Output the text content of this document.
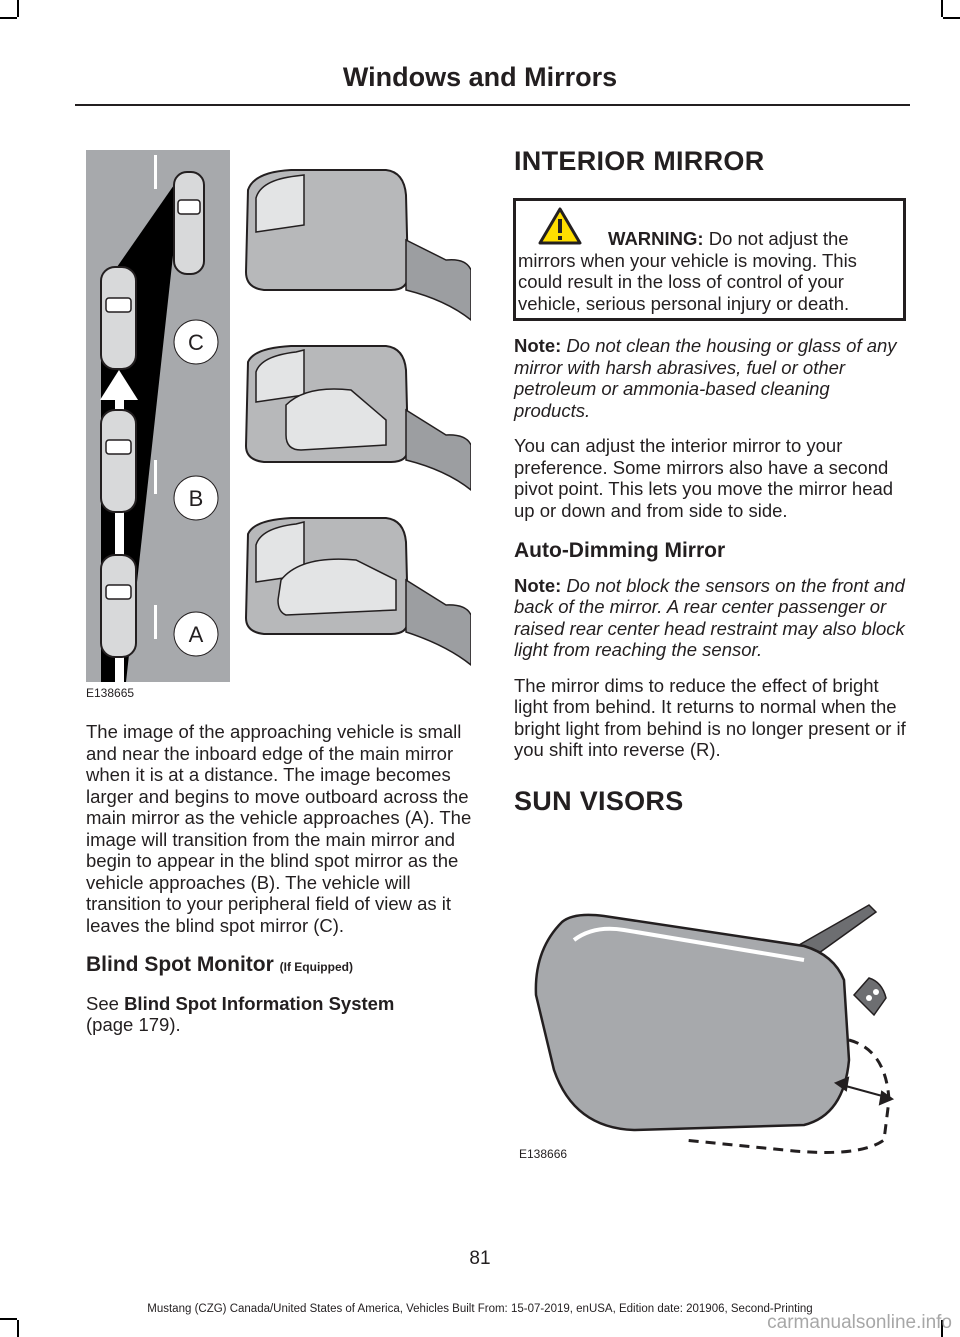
Windows and Mirrors
C
B
A
E138665

The image of the approaching vehicle is small and near the inboard edge of the main mirror when it is at a distance. The image becomes larger and begins to move outboard across the main mirror as the vehicle approaches (A). The image will transition from the main mirror and begin to appear in the blind spot mirror as the vehicle approaches (B). The vehicle will transition to your peripheral field of view as it leaves the blind spot mirror (C).

Blind Spot Monitor (If Equipped)

See Blind Spot Information System
(page 179).

INTERIOR MIRROR

WARNING: Do not adjust the mirrors when your vehicle is moving. This could result in the loss of control of your vehicle, serious personal injury or death.

Note: Do not clean the housing or glass of any mirror with harsh abrasives, fuel or other petroleum or ammonia-based cleaning products.

You can adjust the interior mirror to your preference. Some mirrors also have a second pivot point. This lets you move the mirror head up or down and from side to side.

Auto-Dimming Mirror

Note: Do not block the sensors on the front and back of the mirror. A rear center passenger or raised rear center head restraint may also block light from reaching the sensor.

The mirror dims to reduce the effect of bright light from behind. It returns to normal when the bright light from behind is no longer present or if you shift into reverse (R).

SUN VISORS
E138666
81
Mustang (CZG) Canada/United States of America, Vehicles Built From: 15-07-2019, enUSA, Edition date: 201906, Second-Printing
carmanualsonline.info
